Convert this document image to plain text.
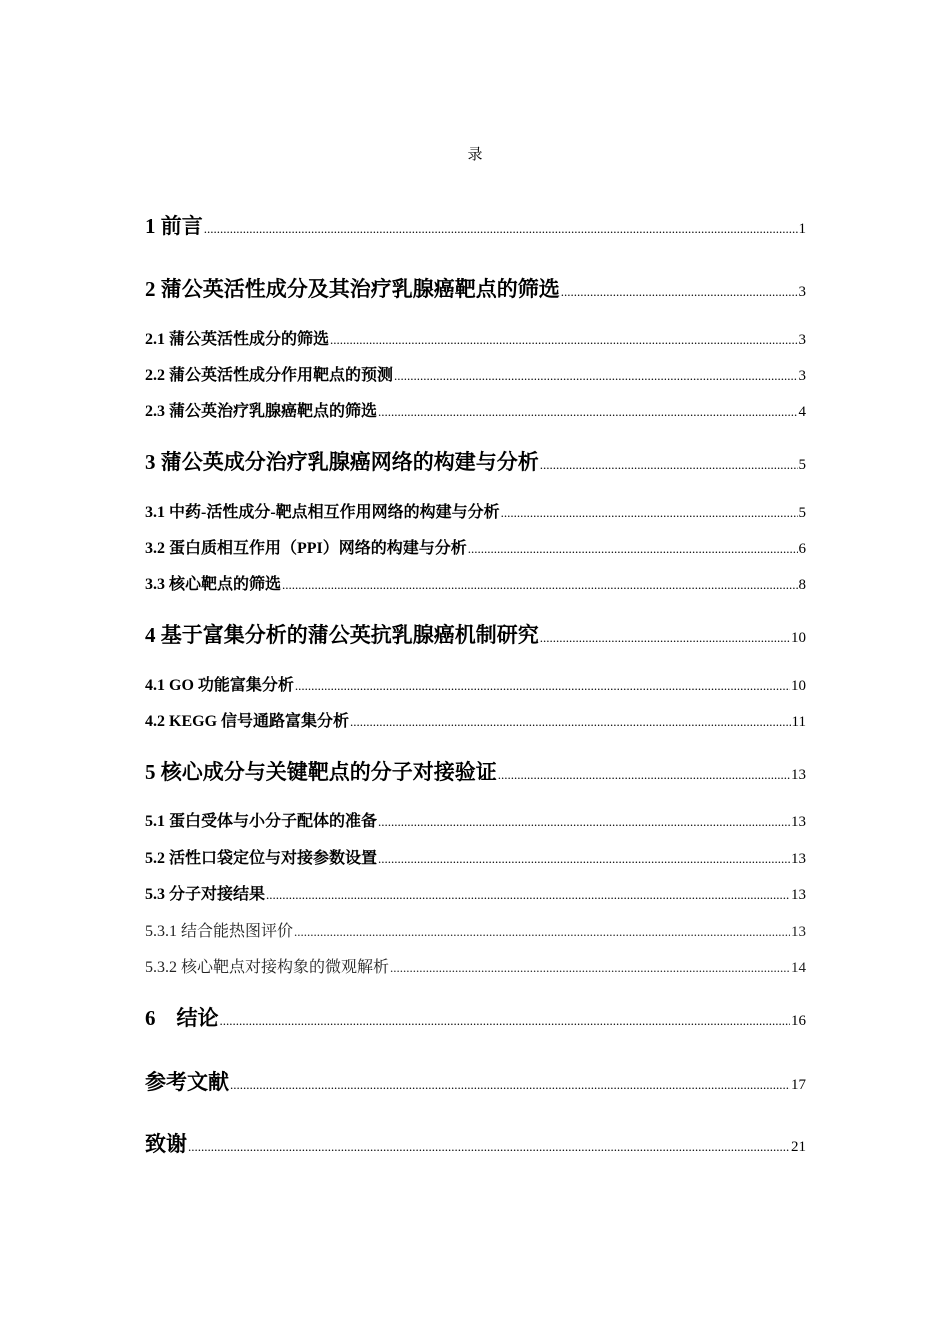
录
1 前言 .....	1
2 蒲公英活性成分及其治疗乳腺癌靶点的筛选 .....	3
2.1 蒲公英活性成分的筛选 .....	3
2.2 蒲公英活性成分作用靶点的预测 .....	3
2.3 蒲公英治疗乳腺癌靶点的筛选 .....	4
3 蒲公英成分治疗乳腺癌网络的构建与分析 .....	5
3.1 中药-活性成分-靶点相互作用网络的构建与分析 .....	5
3.2 蛋白质相互作用（PPI）网络的构建与分析 .....	6
3.3 核心靶点的筛选 .....	8
4 基于富集分析的蒲公英抗乳腺癌机制研究 .....	10
4.1 GO 功能富集分析 .....	10
4.2 KEGG 信号通路富集分析 .....	11
5 核心成分与关键靶点的分子对接验证 .....	13
5.1 蛋白受体与小分子配体的准备 .....	13
5.2 活性口袋定位与对接参数设置 .....	13
5.3 分子对接结果 .....	13
5.3.1 结合能热图评价 .....	13
5.3.2 核心靶点对接构象的微观解析 .....	14
6    结论 .....	16
参考文献 .....	17
致谢 .....	21
